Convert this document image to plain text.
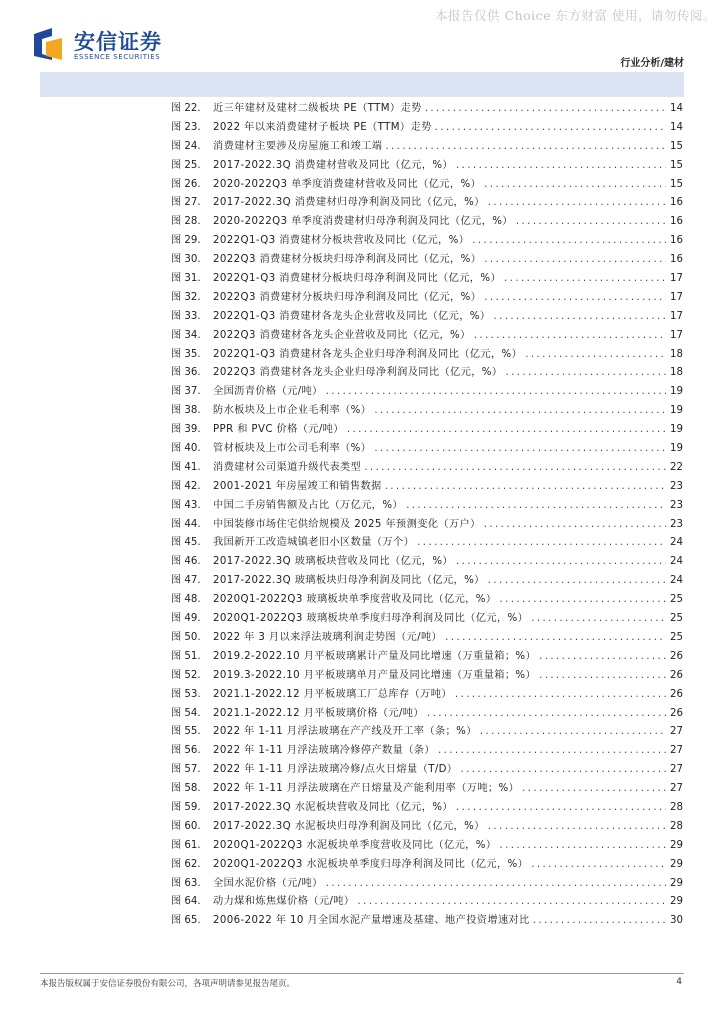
本报告仅供 Choice 东方财富 使用，请勿传阅。
安信证券
ESSENCE SECURITIES
行业分析/建材
图 22.	近三年建材及建材二级板块 PE（TTM）走势 .....	14
图 23.	2022 年以来消费建材子板块 PE（TTM）走势 .....	14
图 24.	消费建材主要涉及房屋施工和竣工端 .....	15
图 25.	2017-2022.3Q 消费建材营收及同比（亿元，%） .....	15
图 26.	2020-2022Q3 单季度消费建材营收及同比（亿元，%） .....	15
图 27.	2017-2022.3Q 消费建材归母净利润及同比（亿元，%） .....	16
图 28.	2020-2022Q3 单季度消费建材归母净利润及同比（亿元，%） .....	16
图 29.	2022Q1-Q3 消费建材分板块营收及同比（亿元，%） .....	16
图 30.	2022Q3 消费建材分板块归母净利润及同比（亿元，%） .....	16
图 31.	2022Q1-Q3 消费建材分板块归母净利润及同比（亿元，%） .....	17
图 32.	2022Q3 消费建材分板块归母净利润及同比（亿元，%） .....	17
图 33.	2022Q1-Q3 消费建材各龙头企业营收及同比（亿元，%） .....	17
图 34.	2022Q3 消费建材各龙头企业营收及同比（亿元，%） .....	17
图 35.	2022Q1-Q3 消费建材各龙头企业归母净利润及同比（亿元，%） .....	18
图 36.	2022Q3 消费建材各龙头企业归母净利润及同比（亿元，%） .....	18
图 37.	全国沥青价格（元/吨） .....	19
图 38.	防水板块及上市企业毛利率（%） .....	19
图 39.	PPR 和 PVC 价格（元/吨） .....	19
图 40.	管材板块及上市公司毛利率（%） .....	19
图 41.	消费建材公司渠道升级代表类型 .....	22
图 42.	2001-2021 年房屋竣工和销售数据 .....	23
图 43.	中国二手房销售额及占比（万亿元，%） .....	23
图 44.	中国装修市场住宅供给规模及 2025 年预测变化（万户） .....	23
图 45.	我国新开工改造城镇老旧小区数量（万个） .....	24
图 46.	2017-2022.3Q 玻璃板块营收及同比（亿元，%） .....	24
图 47.	2017-2022.3Q 玻璃板块归母净利润及同比（亿元，%） .....	24
图 48.	2020Q1-2022Q3 玻璃板块单季度营收及同比（亿元，%） .....	25
图 49.	2020Q1-2022Q3 玻璃板块单季度归母净利润及同比（亿元，%） .....	25
图 50.	2022 年 3 月以来浮法玻璃利润走势图（元/吨） .....	25
图 51.	2019.2-2022.10 月平板玻璃累计产量及同比增速（万重量箱；%） .....	26
图 52.	2019.3-2022.10 月平板玻璃单月产量及同比增速（万重量箱；%） .....	26
图 53.	2021.1-2022.12 月平板玻璃工厂总库存（万吨） .....	26
图 54.	2021.1-2022.12 月平板玻璃价格（元/吨） .....	26
图 55.	2022 年 1-11 月浮法玻璃在产产线及开工率（条；%） .....	27
图 56.	2022 年 1-11 月浮法玻璃冷修停产数量（条） .....	27
图 57.	2022 年 1-11 月浮法玻璃冷修/点火日熔量（T/D） .....	27
图 58.	2022 年 1-11 月浮法玻璃在产日熔量及产能利用率（万吨；%） .....	27
图 59.	2017-2022.3Q 水泥板块营收及同比（亿元，%） .....	28
图 60.	2017-2022.3Q 水泥板块归母净利润及同比（亿元，%） .....	28
图 61.	2020Q1-2022Q3 水泥板块单季度营收及同比（亿元，%） .....	29
图 62.	2020Q1-2022Q3 水泥板块单季度归母净利润及同比（亿元，%） .....	29
图 63.	全国水泥价格（元/吨） .....	29
图 64.	动力煤和炼焦煤价格（元/吨） .....	29
图 65.	2006-2022 年 10 月全国水泥产量增速及基建、地产投资增速对比 .....	30
本报告版权属于安信证券股份有限公司，各项声明请参见报告尾页。	4
